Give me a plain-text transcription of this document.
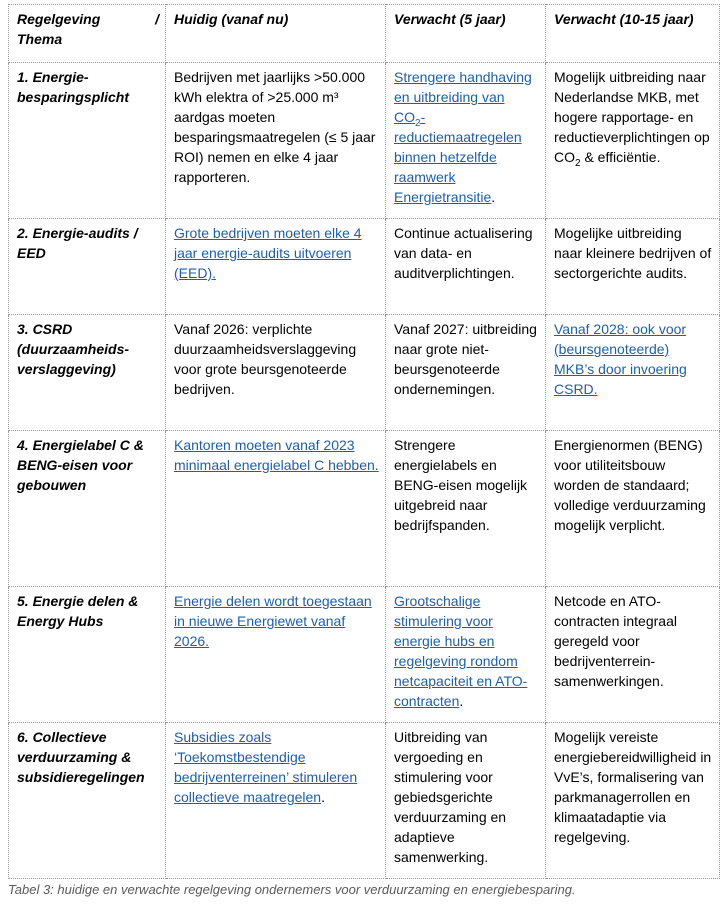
Regelgeving /
Thema	Huidig (vanaf nu)	Verwacht (5 jaar)	Verwacht (10-15 jaar)
1. Energie-besparingsplicht	Bedrijven met jaarlijks >50.000 kWh elektra of >25.000 m³ aardgas moeten besparingsmaatregelen (≤ 5 jaar ROI) nemen en elke 4 jaar rapporteren.	Strengere handhaving en uitbreiding van $CO_2$-reductiemaatregelen binnen hetzelfde raamwerk Energietransitie.	Mogelijk uitbreiding naar Nederlandse MKB, met hogere rapportage- en reductieverplichtingen op $CO_2$ & efficiëntie.
2. Energie-audits / EED	Grote bedrijven moeten elke 4 jaar energie-audits uitvoeren (EED).	Continue actualisering van data- en auditverplichtingen.	Mogelijke uitbreiding naar kleinere bedrijven of sectorgerichte audits.
3. CSRD (duurzaamheids-verslaggeving)	Vanaf 2026: verplichte duurzaamheidsverslaggeving voor grote beursgenoteerde bedrijven.	Vanaf 2027: uitbreiding naar grote niet-beursgenoteerde ondernemingen.	Vanaf 2028: ook voor (beursgenoteerde) MKB’s door invoering CSRD.
4. Energielabel C & BENG-eisen voor gebouwen	Kantoren moeten vanaf 2023 minimaal energielabel C hebben.	Strengere energielabels en BENG-eisen mogelijk uitgebreid naar bedrijfspanden.	Energienormen (BENG) voor utiliteitsbouw worden de standaard; volledige verduurzaming mogelijk verplicht.
5. Energie delen & Energy Hubs	Energie delen wordt toegestaan in nieuwe Energiewet vanaf 2026.	Grootschalige stimulering voor energie hubs en regelgeving rondom netcapaciteit en ATO-contracten.	Netcode en ATO-contracten integraal geregeld voor bedrijventerrein-samenwerkingen.
6. Collectieve verduurzaming & subsidieregelingen	Subsidies zoals ‘Toekomstbestendige bedrijventerreinen’ stimuleren collectieve maatregelen.	Uitbreiding van vergoeding en stimulering voor gebiedsgerichte verduurzaming en adaptieve samenwerking.	Mogelijk vereiste energiebereidwilligheid in VvE’s, formalisering van parkmanagerrollen en klimaatadaptie via regelgeving.
Tabel 3: huidige en verwachte regelgeving ondernemers voor verduurzaming en energiebesparing.
